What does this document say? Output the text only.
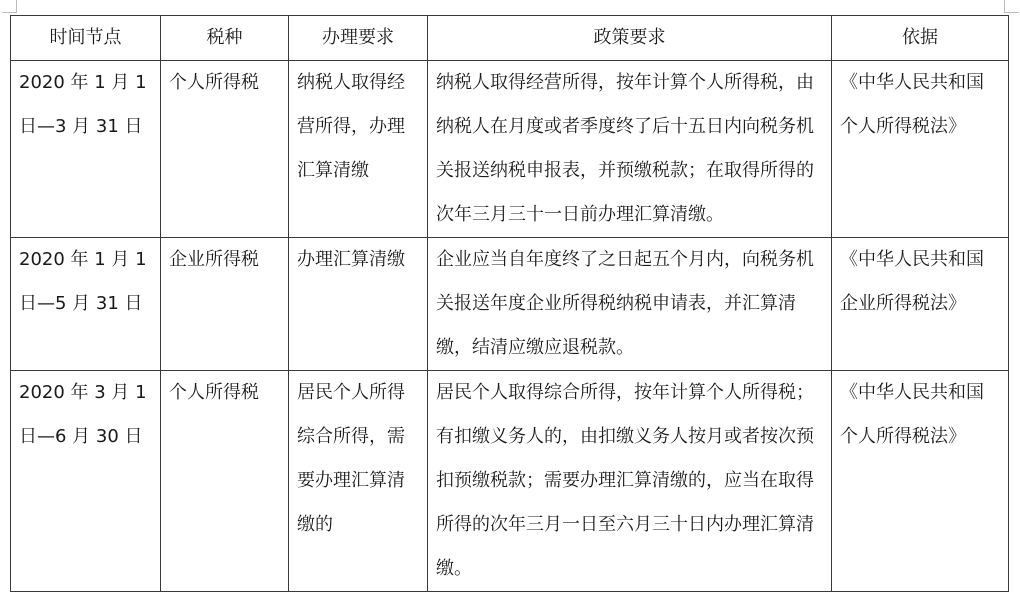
时间节点	税种	办理要求	政策要求	依据

2020 年 1 月 1 日—3 月 31 日	个人所得税	纳税人取得经营所得，办理汇算清缴	纳税人取得经营所得，按年计算个人所得税，由纳税人在月度或者季度终了后十五日内向税务机关报送纳税申报表，并预缴税款；在取得所得的次年三月三十一日前办理汇算清缴。	《中华人民共和国个人所得税法》

2020 年 1 月 1 日—5 月 31 日	企业所得税	办理汇算清缴	企业应当自年度终了之日起五个月内，向税务机关报送年度企业所得税纳税申请表，并汇算清缴，结清应缴应退税款。	《中华人民共和国企业所得税法》

2020 年 3 月 1 日—6 月 30 日	个人所得税	居民个人所得综合所得，需要办理汇算清缴的	居民个人取得综合所得，按年计算个人所得税；有扣缴义务人的，由扣缴义务人按月或者按次预扣预缴税款；需要办理汇算清缴的，应当在取得所得的次年三月一日至六月三十日内办理汇算清缴。	《中华人民共和国个人所得税法》
